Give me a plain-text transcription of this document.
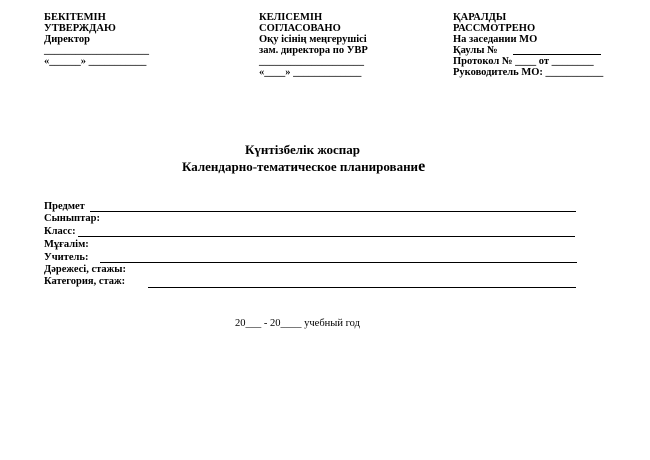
БЕКІТЕМІН
УТВЕРЖДАЮ
Директор
____________________
«______» ___________
КЕЛІСЕМІН
СОГЛАСОВАНО
Оқу ісінің меңгерушісі
зам. директора по УВР
____________________
«____» _____________
ҚАРАЛДЫ
РАССМОТРЕНО
На заседании МО
Қаулы №
Протокол № ____ от ________
Руководитель МО: ___________
Күнтізбелік жоспар
Календарно-тематическое планирование
Предмет
Сыныптар:
Класс:
Мұғалім:
Учитель:
Дәрежесі, стажы:
Категория, стаж:
20___ - 20____ учебный год
